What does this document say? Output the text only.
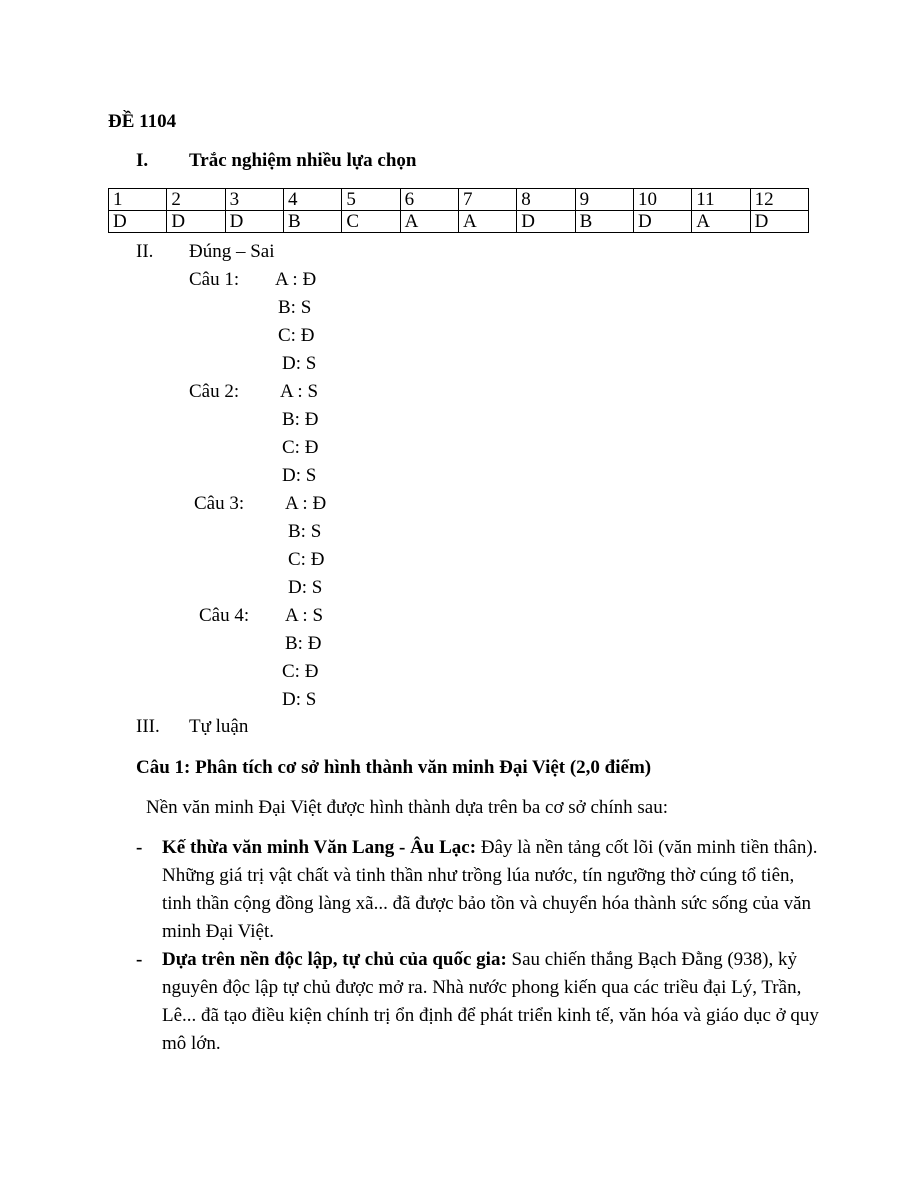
ĐỀ 1104
I. Trắc nghiệm nhiều lựa chọn
1	2	3	4	5	6	7	8	9	10	11	12
D	D	D	B	C	A	A	D	B	D	A	D
II. Đúng – Sai
Câu 1: A : Đ
B: S
C: Đ
D: S
Câu 2: A : S
B: Đ
C: Đ
D: S
Câu 3: A : Đ
B: S
C: Đ
D: S
Câu 4: A : S
B: Đ
C: Đ
D: S
III. Tự luận
Câu 1: Phân tích cơ sở hình thành văn minh Đại Việt (2,0 điểm)
Nền văn minh Đại Việt được hình thành dựa trên ba cơ sở chính sau:
- Kế thừa văn minh Văn Lang - Âu Lạc: Đây là nền tảng cốt lõi (văn minh tiền thân). Những giá trị vật chất và tinh thần như trồng lúa nước, tín ngưỡng thờ cúng tổ tiên, tinh thần cộng đồng làng xã... đã được bảo tồn và chuyển hóa thành sức sống của văn minh Đại Việt.
- Dựa trên nền độc lập, tự chủ của quốc gia: Sau chiến thắng Bạch Đằng (938), kỷ nguyên độc lập tự chủ được mở ra. Nhà nước phong kiến qua các triều đại Lý, Trần, Lê... đã tạo điều kiện chính trị ổn định để phát triển kinh tế, văn hóa và giáo dục ở quy mô lớn.
